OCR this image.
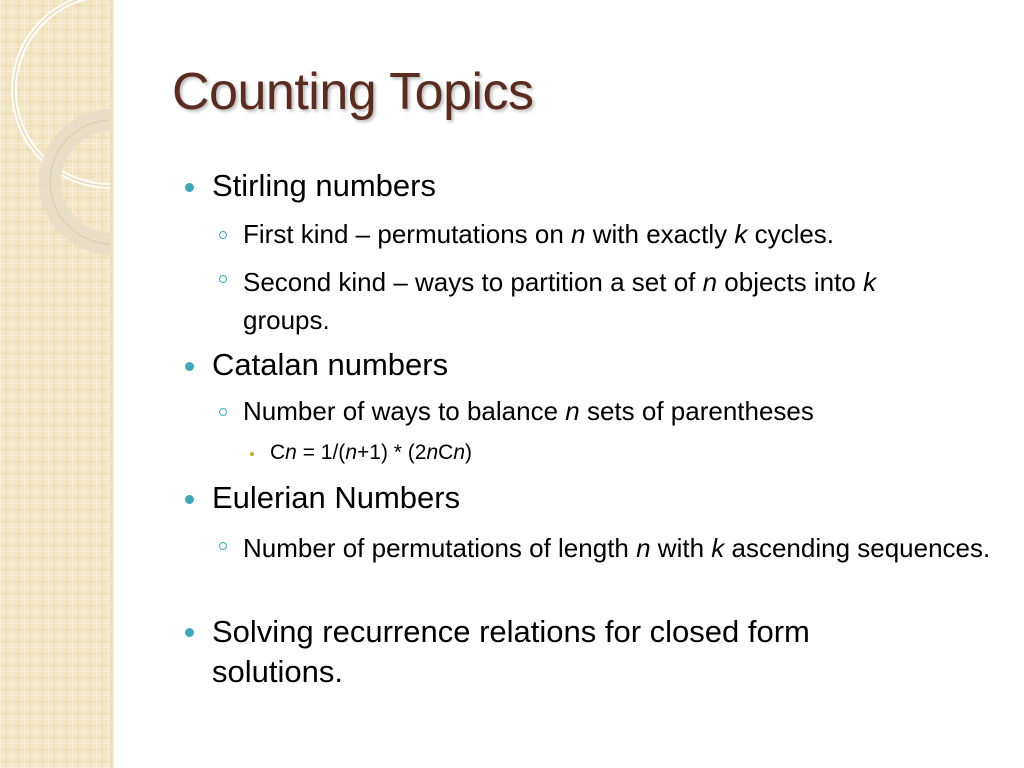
Counting Topics

Stirling numbers

First kind – permutations on n with exactly k cycles.

Second kind – ways to partition a set of n objects into k groups.

Catalan numbers

Number of ways to balance n sets of parentheses

Cn = 1/(n+1) * (2nCn)

Eulerian Numbers

Number of permutations of length n with k ascending sequences.

Solving recurrence relations for closed form solutions.
